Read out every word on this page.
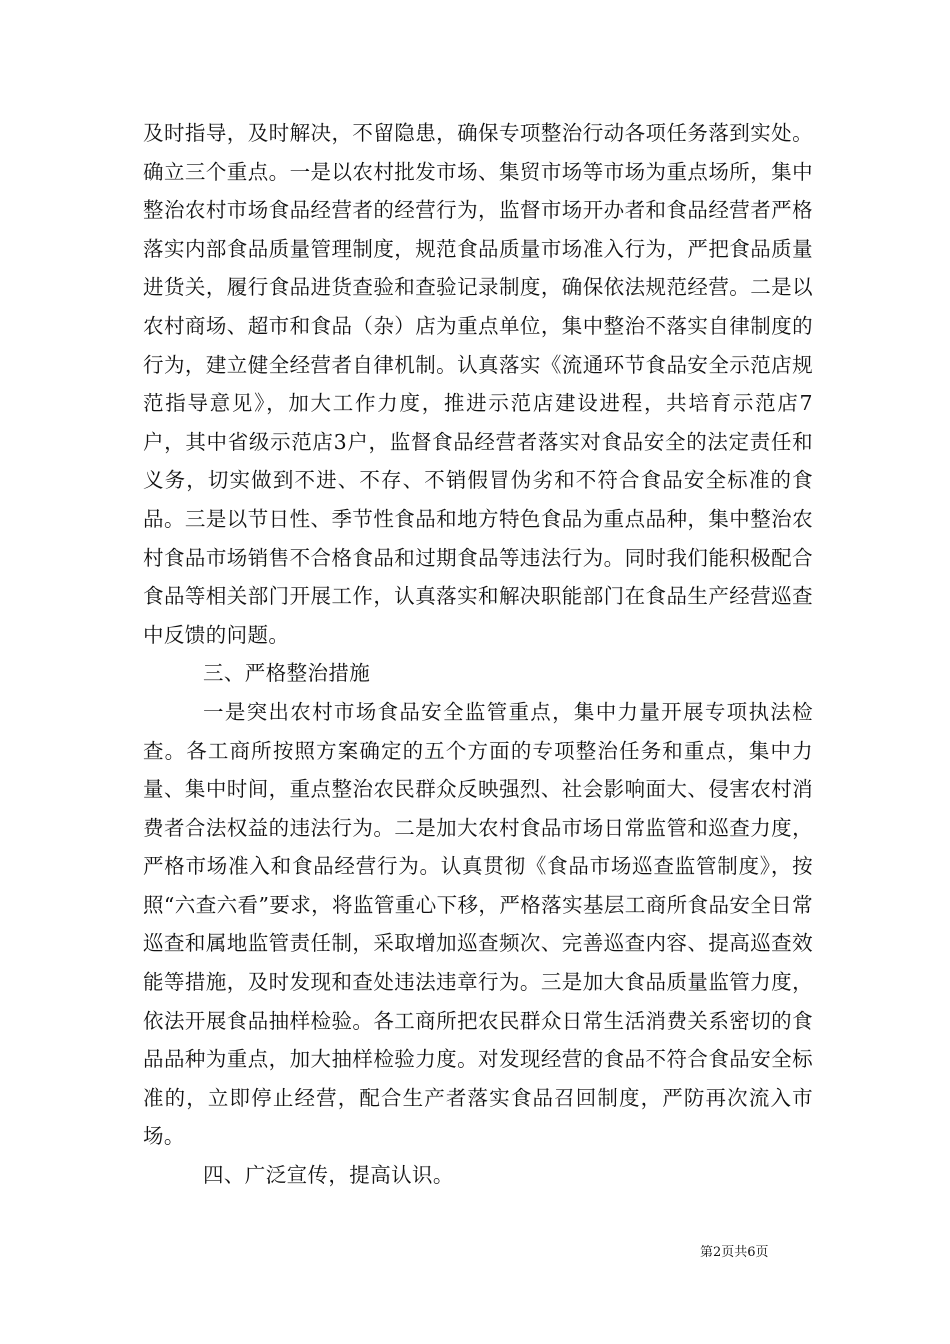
及时指导，及时解决，不留隐患，确保专项整治行动各项任务落到实处。确立三个重点。一是以农村批发市场、集贸市场等市场为重点场所，集中整治农村市场食品经营者的经营行为，监督市场开办者和食品经营者严格落实内部食品质量管理制度，规范食品质量市场准入行为，严把食品质量进货关，履行食品进货查验和查验记录制度，确保依法规范经营。二是以农村商场、超市和食品（杂）店为重点单位，集中整治不落实自律制度的行为，建立健全经营者自律机制。认真落实《流通环节食品安全示范店规范指导意见》，加大工作力度，推进示范店建设进程，共培育示范店7户，其中省级示范店3户，监督食品经营者落实对食品安全的法定责任和义务，切实做到不进、不存、不销假冒伪劣和不符合食品安全标准的食品。三是以节日性、季节性食品和地方特色食品为重点品种，集中整治农村食品市场销售不合格食品和过期食品等违法行为。同时我们能积极配合食品等相关部门开展工作，认真落实和解决职能部门在食品生产经营巡查中反馈的问题。

三、严格整治措施

一是突出农村市场食品安全监管重点，集中力量开展专项执法检查。各工商所按照方案确定的五个方面的专项整治任务和重点，集中力量、集中时间，重点整治农民群众反映强烈、社会影响面大、侵害农村消费者合法权益的违法行为。二是加大农村食品市场日常监管和巡查力度，严格市场准入和食品经营行为。认真贯彻《食品市场巡查监管制度》，按照“六查六看”要求，将监管重心下移，严格落实基层工商所食品安全日常巡查和属地监管责任制，采取增加巡查频次、完善巡查内容、提高巡查效能等措施，及时发现和查处违法违章行为。三是加大食品质量监管力度，依法开展食品抽样检验。各工商所把农民群众日常生活消费关系密切的食品品种为重点，加大抽样检验力度。对发现经营的食品不符合食品安全标准的，立即停止经营，配合生产者落实食品召回制度，严防再次流入市场。

四、广泛宣传，提高认识。

第2页共6页
